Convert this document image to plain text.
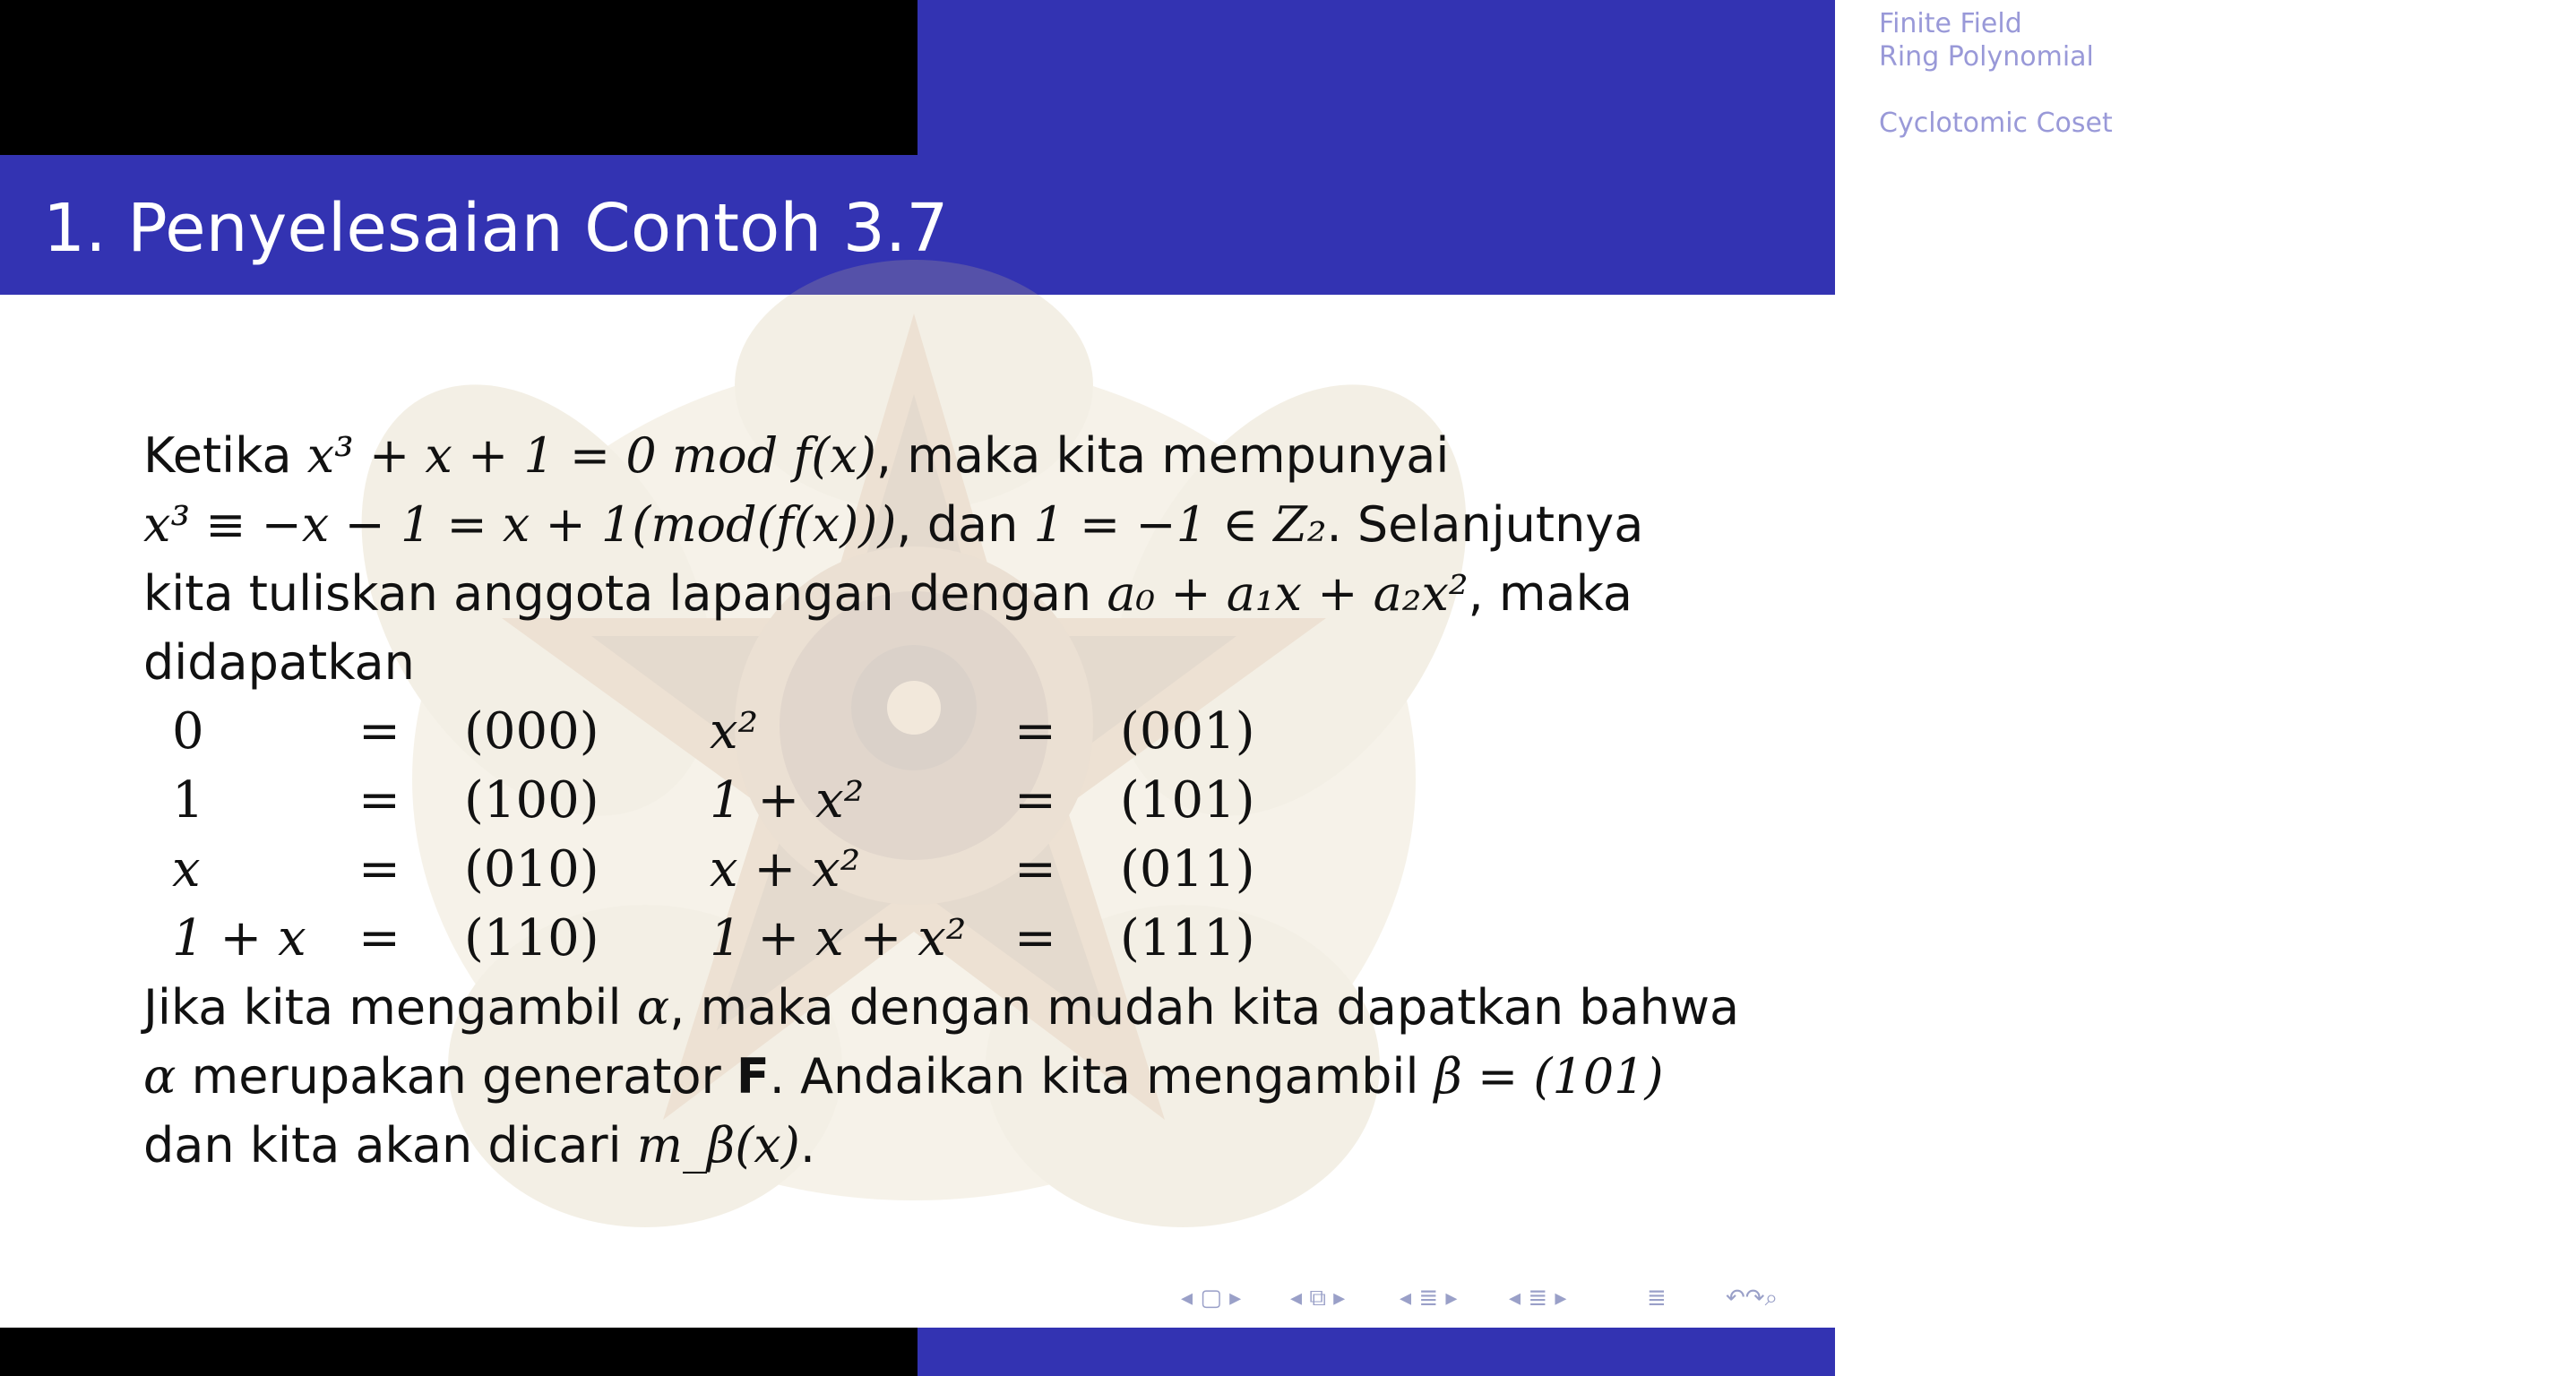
Finite Field
Ring Polynomial
Minimal Polynomial
Cyclotomic Coset
1. Penyelesaian Contoh 3.7
Ketika x³ + x + 1 = 0 mod f(x), maka kita mempunyai
x³ ≡ −x − 1 = x + 1(mod(f(x))), dan 1 = −1 ∈ Z₂. Selanjutnya
kita tuliskan anggota lapangan dengan a₀ + a₁x + a₂x², maka
didapatkan
0	= (000) x²	= (001)
1	= (100) 1 + x²	= (101)
x	= (010) x + x²	= (011)
1 + x = (110) 1 + x + x² = (111)
Jika kita mengambil α, maka dengan mudah kita dapatkan bahwa
α merupakan generator F. Andaikan kita mengambil β = (101)
dan kita akan dicari m_β(x).
◂ ▢ ▸ ◂ ⧉ ▸ ◂ ≣ ▸ ◂ ≣ ▸	≣	↶↷⌕
BCH Codes(Bose -Chaudhuri- Hocquenghem Codes)
